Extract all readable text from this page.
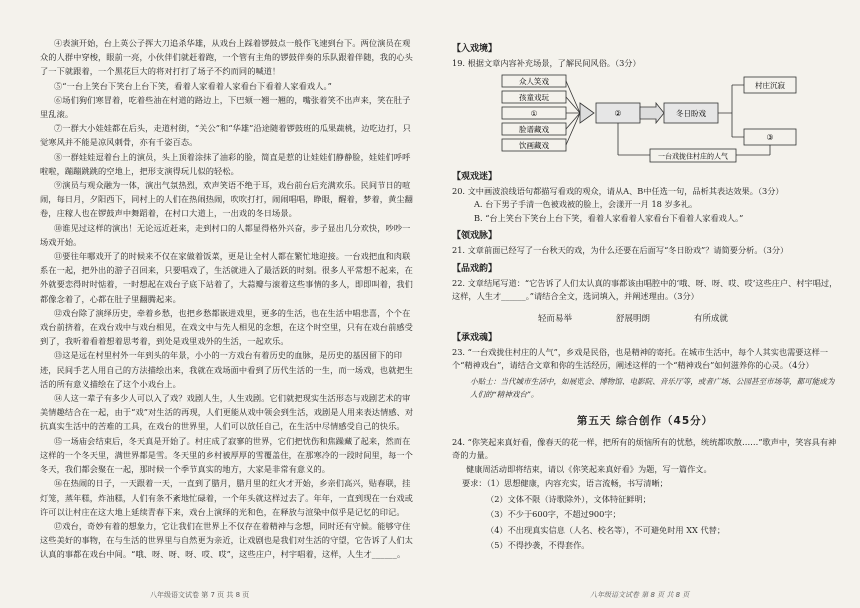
④表演开始，台上英公子挥大刀追杀华雄，从戏台上踩着锣鼓点一般作飞速到台下。两位演员在观众的人群中穿梭，眼前一亮，小伙伴们就赶着跑，一个管有主角的锣鼓伴奏的乐队跟着伴随，我的心头了一下就跟着，一个黑花巨大的将对打打了场子不约而同的喊道！

⑤“一台上笑台下笑台上台下笑，看着人家看着人家看台下看着人家看戏人。”

⑥场们狗们寒冒着，吃着些油在村道的路边上，下巴颏一翘一翘的，嘴张着笑不出声来，笑在肚子里乱滚。

⑦一群大小娃娃都在后头，走道村街，“关公”和“华雄”沿途随着锣鼓班的瓜果蔬桃，边吃边打，只觉寒风并不能是凉风刺骨，亦有千姿百态。

⑧一群娃娃逗着台上的演员，头上顶着涂抹了油彩的脸，简直是惹的让娃娃们静静脸，娃娃们呼呼啦啦，蹦蹦跳跳的空地上，把形支演得玩儿似的轻松。

⑨演员与观众融为一体，演出气氛热烈，欢声笑语不绝于耳，戏台前台后充满欢乐。民间节日的喧闹，每日月，夕阳西下，同村上的人们在热闹热闹，吹吹打打，闹闹唱唱，睁眼，醒着，梦着，黄尘翻卷，庄稼人也在锣鼓声中舞蹈着，在村口大道上，一出戏的冬日场景。

⑩谁见过这样的演出！无论远近赶来，走到村口的人都显得格外兴奋，步子显出几分欢快，吵吵一场戏开始。

⑪要往年哪戏开了的时候来不仅在家做着饭菜，更是让全村人都在繁忙地迎接。一台戏把血和肉联系在一起，把外出的游子召回来，只要唱戏了，生活就进入了最活跃的时刻。很多人平常想不起来，在外就要恋得时时惦着，一时想起在戏台子底下站着了，大蒜瓣与滚着这些事情的多人，即即叫着，我们都像念着了，心都在肚子里翻腾起来。

⑫戏台除了演绎历史，牵着乡愁，也把乡愁都嵌进戏里，更多的生活，也在生活中唱悲喜，个个在戏台前挤着，在戏台戏中与戏台相见，在戏文中与先人相见的念想，在这个时空里，只有在戏台前感受到了，我听着看着想着思考着，到处是戏里戏外的生活，一起欢乐。

⑬这是远在村里村外一年到头的年景，小小的一方戏台有着历史的血脉，是历史的基因留下的印迹，民间手艺人用自己的方法描绘出来，我就在戏场面中看到了历代生活的一生，而一场戏，也就把生活的所有意义描绘在了这个小戏台上。

⑭人这一辈子有多少人可以入了戏？戏剧人生，人生戏剧。它们就把现实生活形态与戏剧艺术的审美情趣结合在一起，由于“戏”对生活的再现，人们更能从戏中领会到生活，戏剧是人用来表达情感、对抗真实生活中的苦难的工具，在戏台的世界里，人们可以放任自己，在生活中尽情感受自己的快乐。

⑮一场庙会结束后，冬天真是开始了。村庄成了寂寥的世界，它们把忧伤和焦躁藏了起来，然而在这样的一个冬天里，满世界都是雪。冬天里的乡村被厚厚的雪覆盖住，在那寒冷的一段时间里，每一个冬天，我们都会聚在一起，那时候一个季节真实的地方，大家是非常有意义的。

⑯在热闹的日子，一天跟着一天，一直到了腊月，腊月里的红火才开始，乡亲们高兴，贴春联，挂灯笼，蒸年糕，炸油糕，人们有条不紊地忙碌着，一个年头就这样过去了。年年，一直到现在一台戏或许可以让村庄在这大地上延续青春下来，戏台上演绎的光和色，在释放与渲染中似乎是记忆的印记。

⑰戏台，奇妙有着的想象力，它让我们在世界上不仅存在着精神与念想，同时还有守候。能够守住这些美好的事物，在与生活的世界里与自然更为亲近，让戏剧也是我们对生活的守望，它告诉了人们太认真的事都在戏台中间。“哦、呀、呀、呀、哎、哎”，这些庄户，村宇唱着，这样，人生才______。

八年级语文试卷 第 7 页 共 8 页
【入戏境】

19. 根据文章内容补充场景，了解民间风俗。（3分）

众人笑戏
孩童戏玩
①
脸谱藏戏
饮画藏戏
②	冬日盼戏
村庄沉寂
③
一台戏拢住村庄的人气
【观戏迷】

20. 文中画波浪线语句都描写看戏的观众，请从A、B中任选一句，品析其表达效果。（3分）

A. 台下男子手清一色被戏被的脸上，会漾开一月 18 岁多礼。

B. “台上笑台下笑台上台下笑，看着人家看着人家看台下看着人家看戏人。”

【领戏脉】

21. 文章前面已经写了一台秋天的戏，为什么还要在后面写“冬日盼戏”？请简要分析。（3分）

【品戏韵】

22. 文章结尾写道：“它告诉了人们太认真的事都该由唱腔中的‘哦、呀、呀、哎、哎’这些庄户、村宇唱过，这样，人生才______。”请结合全文，选词填入，并阐述理由。（3分）

轻而易举	舒展明朗	有所成就
【承戏魂】

23. “一台戏拢住村庄的人气”，乡戏是民俗，也是精神的寄托。在城市生活中，每个人其实也需要这样一个“精神戏台”，请结合文章和你的生活经历，阐述这样的一个“精神戏台”如何滋养你的心灵。（4分）

小贴士：当代城市生活中，如展览会、博物馆、电影院、音乐厅等，或者广场、公园甚至市场等，都可能成为人们的“精神戏台”。

第五天 综合创作（45分）

24. “你笑起来真好看，像春天的花一样，把所有的烦恼所有的忧愁，统统都吹散……”歌声中，笑容具有神奇的力量。

健康周活动即将结束，请以《你笑起来真好看》为题，写一篇作文。

要求：（1）思想健康，内容充实，语言流畅，书写清晰；

（2）文体不限（诗歌除外），文体特征鲜明；

（3）不少于600字，不超过900字；

（4）不出现真实信息（人名、校名等），不可避免时用 XX 代替；

（5）不得抄袭，不得套作。

八年级语文试卷 第 8 页 共 8 页
